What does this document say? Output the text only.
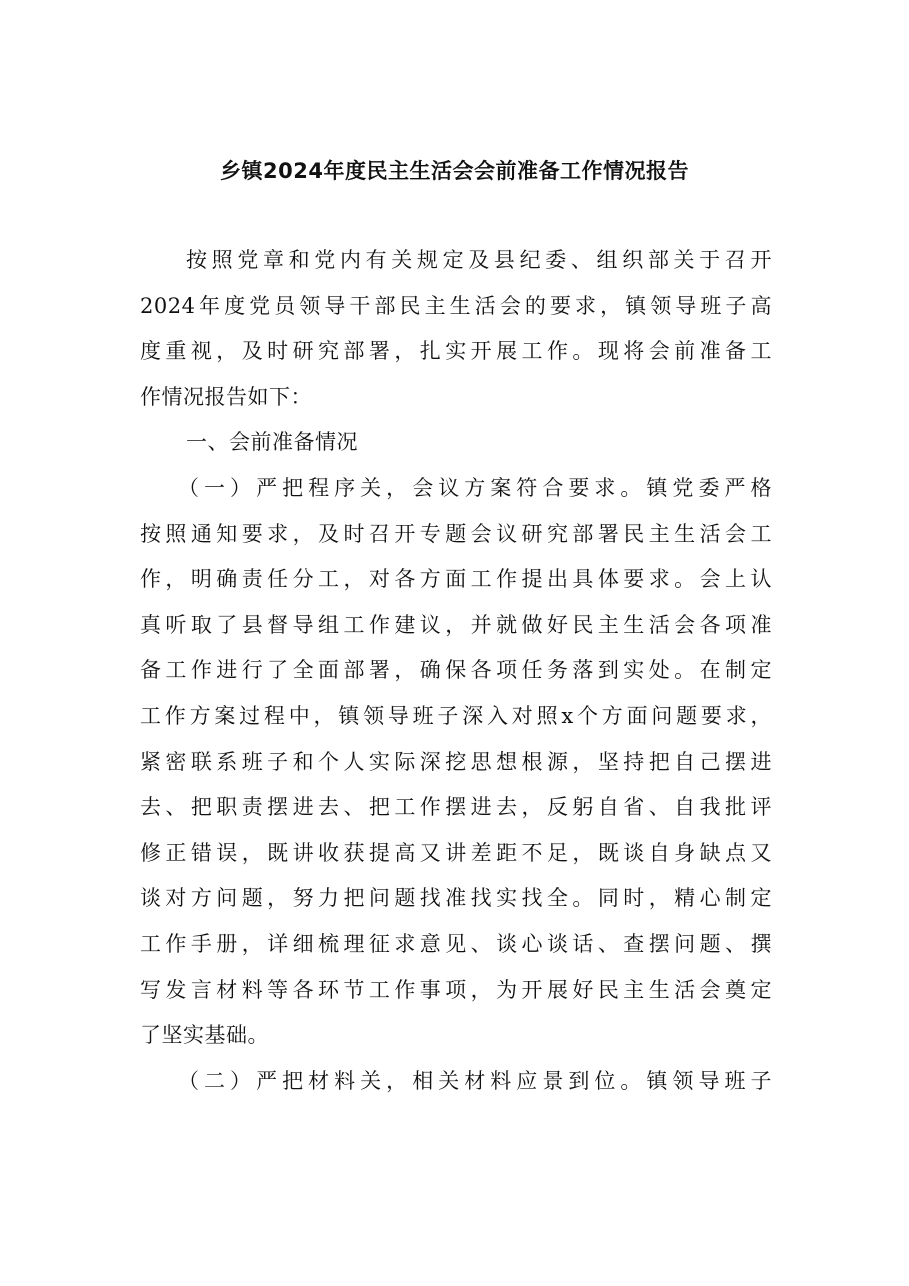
乡镇2024年度民主生活会会前准备工作情况报告
按照党章和党内有关规定及县纪委、组织部关于召开
2024年度党员领导干部民主生活会的要求，镇领导班子高
度重视，及时研究部署，扎实开展工作。现将会前准备工
作情况报告如下：
一、会前准备情况
（一）严把程序关，会议方案符合要求。镇党委严格
按照通知要求，及时召开专题会议研究部署民主生活会工
作，明确责任分工，对各方面工作提出具体要求。会上认
真听取了县督导组工作建议，并就做好民主生活会各项准
备工作进行了全面部署，确保各项任务落到实处。在制定
工作方案过程中，镇领导班子深入对照x个方面问题要求，
紧密联系班子和个人实际深挖思想根源，坚持把自己摆进
去、把职责摆进去、把工作摆进去，反躬自省、自我批评
修正错误，既讲收获提高又讲差距不足，既谈自身缺点又
谈对方问题，努力把问题找准找实找全。同时，精心制定
工作手册，详细梳理征求意见、谈心谈话、查摆问题、撰
写发言材料等各环节工作事项，为开展好民主生活会奠定
了坚实基础。
（二）严把材料关，相关材料应景到位。镇领导班子
